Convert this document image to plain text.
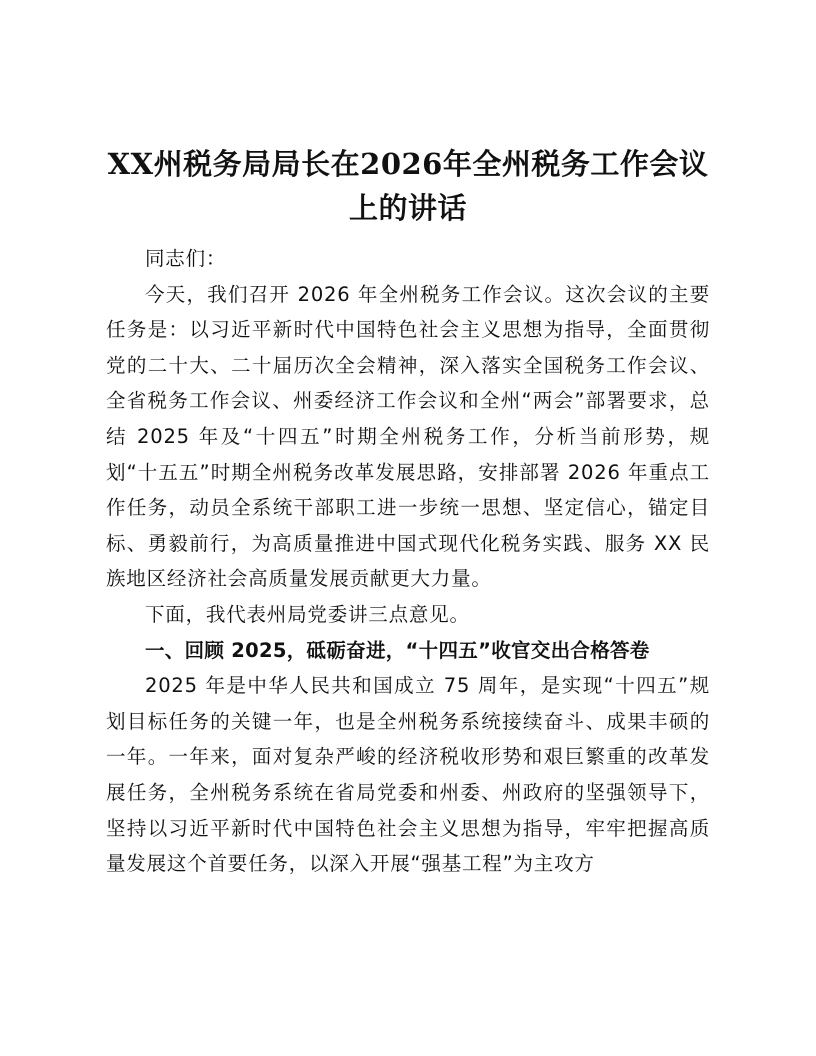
XX州税务局局长在2026年全州税务工作会议
上的讲话

同志们：

今天，我们召开 2026 年全州税务工作会议。这次会议的主要任务是：以习近平新时代中国特色社会主义思想为指导，全面贯彻党的二十大、二十届历次全会精神，深入落实全国税务工作会议、全省税务工作会议、州委经济工作会议和全州“两会”部署要求，总结 2025 年及“十四五”时期全州税务工作，分析当前形势，规划“十五五”时期全州税务改革发展思路，安排部署 2026 年重点工作任务，动员全系统干部职工进一步统一思想、坚定信心，锚定目标、勇毅前行，为高质量推进中国式现代化税务实践、服务 XX 民族地区经济社会高质量发展贡献更大力量。

下面，我代表州局党委讲三点意见。

一、回顾 2025，砥砺奋进，“十四五”收官交出合格答卷

2025 年是中华人民共和国成立 75 周年，是实现“十四五”规划目标任务的关键一年，也是全州税务系统接续奋斗、成果丰硕的一年。一年来，面对复杂严峻的经济税收形势和艰巨繁重的改革发展任务，全州税务系统在省局党委和州委、州政府的坚强领导下，坚持以习近平新时代中国特色社会主义思想为指导，牢牢把握高质量发展这个首要任务，以深入开展“强基工程”为主攻方
